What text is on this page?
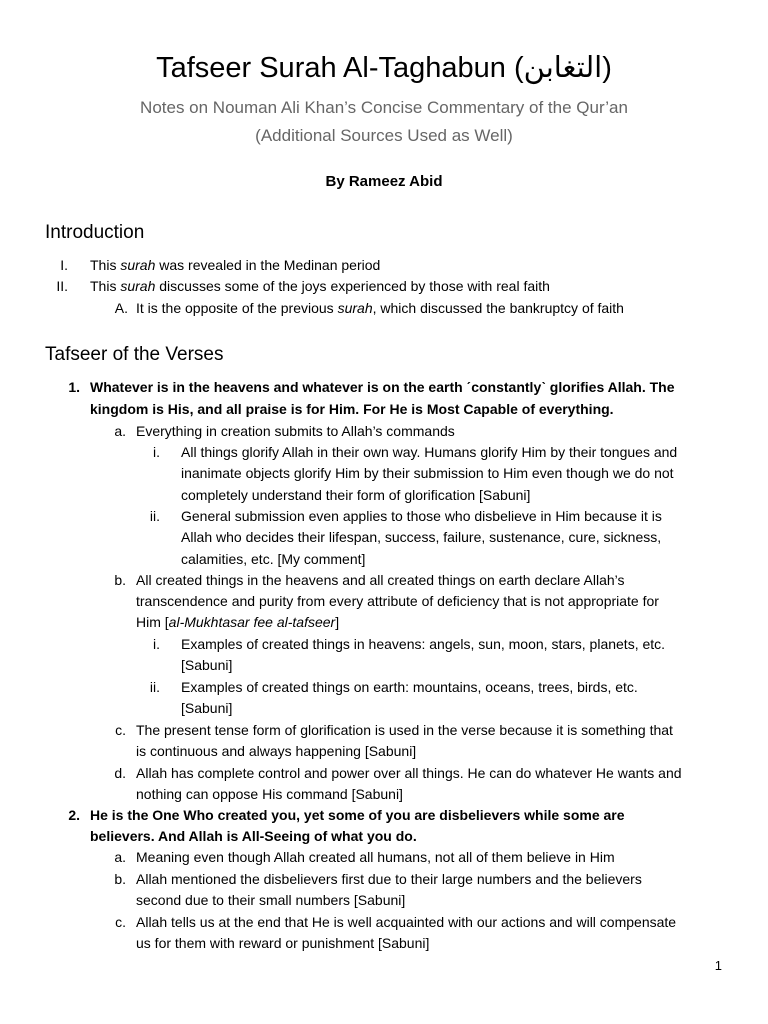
Tafseer Surah Al-Taghabun (التغابن)
Notes on Nouman Ali Khan’s Concise Commentary of the Qur’an
(Additional Sources Used as Well)
By Rameez Abid
Introduction
I. This surah was revealed in the Medinan period
II. This surah discusses some of the joys experienced by those with real faith
A. It is the opposite of the previous surah, which discussed the bankruptcy of faith
Tafseer of the Verses
1. Whatever is in the heavens and whatever is on the earth ˊconstantlyˋ glorifies Allah. The
kingdom is His, and all praise is for Him. For He is Most Capable of everything.
a. Everything in creation submits to Allah’s commands
i. All things glorify Allah in their own way. Humans glorify Him by their tongues and
inanimate objects glorify Him by their submission to Him even though we do not
completely understand their form of glorification [Sabuni]
ii. General submission even applies to those who disbelieve in Him because it is
Allah who decides their lifespan, success, failure, sustenance, cure, sickness,
calamities, etc. [My comment]
b. All created things in the heavens and all created things on earth declare Allah’s
transcendence and purity from every attribute of deficiency that is not appropriate for
Him [al-Mukhtasar fee al-tafseer]
i. Examples of created things in heavens: angels, sun, moon, stars, planets, etc.
[Sabuni]
ii. Examples of created things on earth: mountains, oceans, trees, birds, etc.
[Sabuni]
c. The present tense form of glorification is used in the verse because it is something that
is continuous and always happening [Sabuni]
d. Allah has complete control and power over all things. He can do whatever He wants and
nothing can oppose His command [Sabuni]
2. He is the One Who created you, yet some of you are disbelievers while some are
believers. And Allah is All-Seeing of what you do.
a. Meaning even though Allah created all humans, not all of them believe in Him
b. Allah mentioned the disbelievers first due to their large numbers and the believers
second due to their small numbers [Sabuni]
c. Allah tells us at the end that He is well acquainted with our actions and will compensate
us for them with reward or punishment [Sabuni]
1
